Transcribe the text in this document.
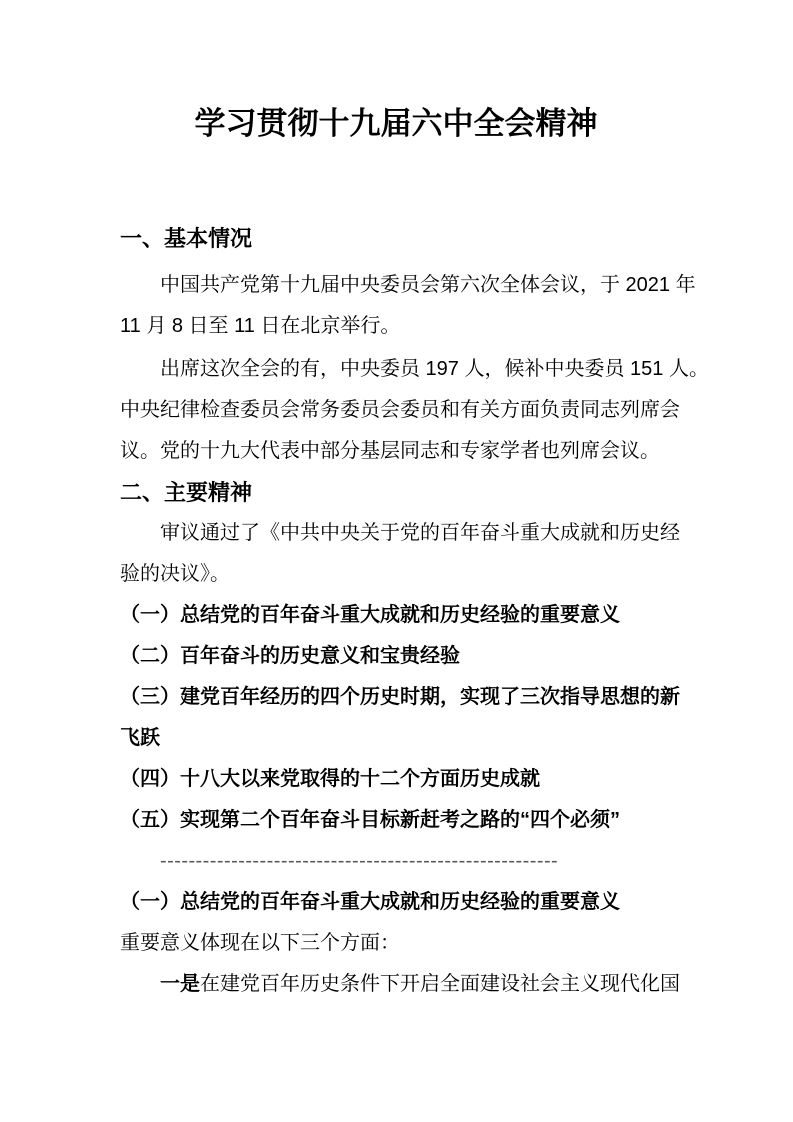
学习贯彻十九届六中全会精神
一、基本情况
中国共产党第十九届中央委员会第六次全体会议，于 2021 年
11 月 8 日至 11 日在北京举行。
出席这次全会的有，中央委员 197 人，候补中央委员 151 人。
中央纪律检查委员会常务委员会委员和有关方面负责同志列席会
议。党的十九大代表中部分基层同志和专家学者也列席会议。
二、主要精神
审议通过了《中共中央关于党的百年奋斗重大成就和历史经
验的决议》。
（一）总结党的百年奋斗重大成就和历史经验的重要意义
（二）百年奋斗的历史意义和宝贵经验
（三）建党百年经历的四个历史时期，实现了三次指导思想的新
飞跃
（四）十八大以来党取得的十二个方面历史成就
（五）实现第二个百年奋斗目标新赶考之路的“四个必须”
--------------------------------------------------------
（一）总结党的百年奋斗重大成就和历史经验的重要意义
重要意义体现在以下三个方面：
一是在建党百年历史条件下开启全面建设社会主义现代化国
